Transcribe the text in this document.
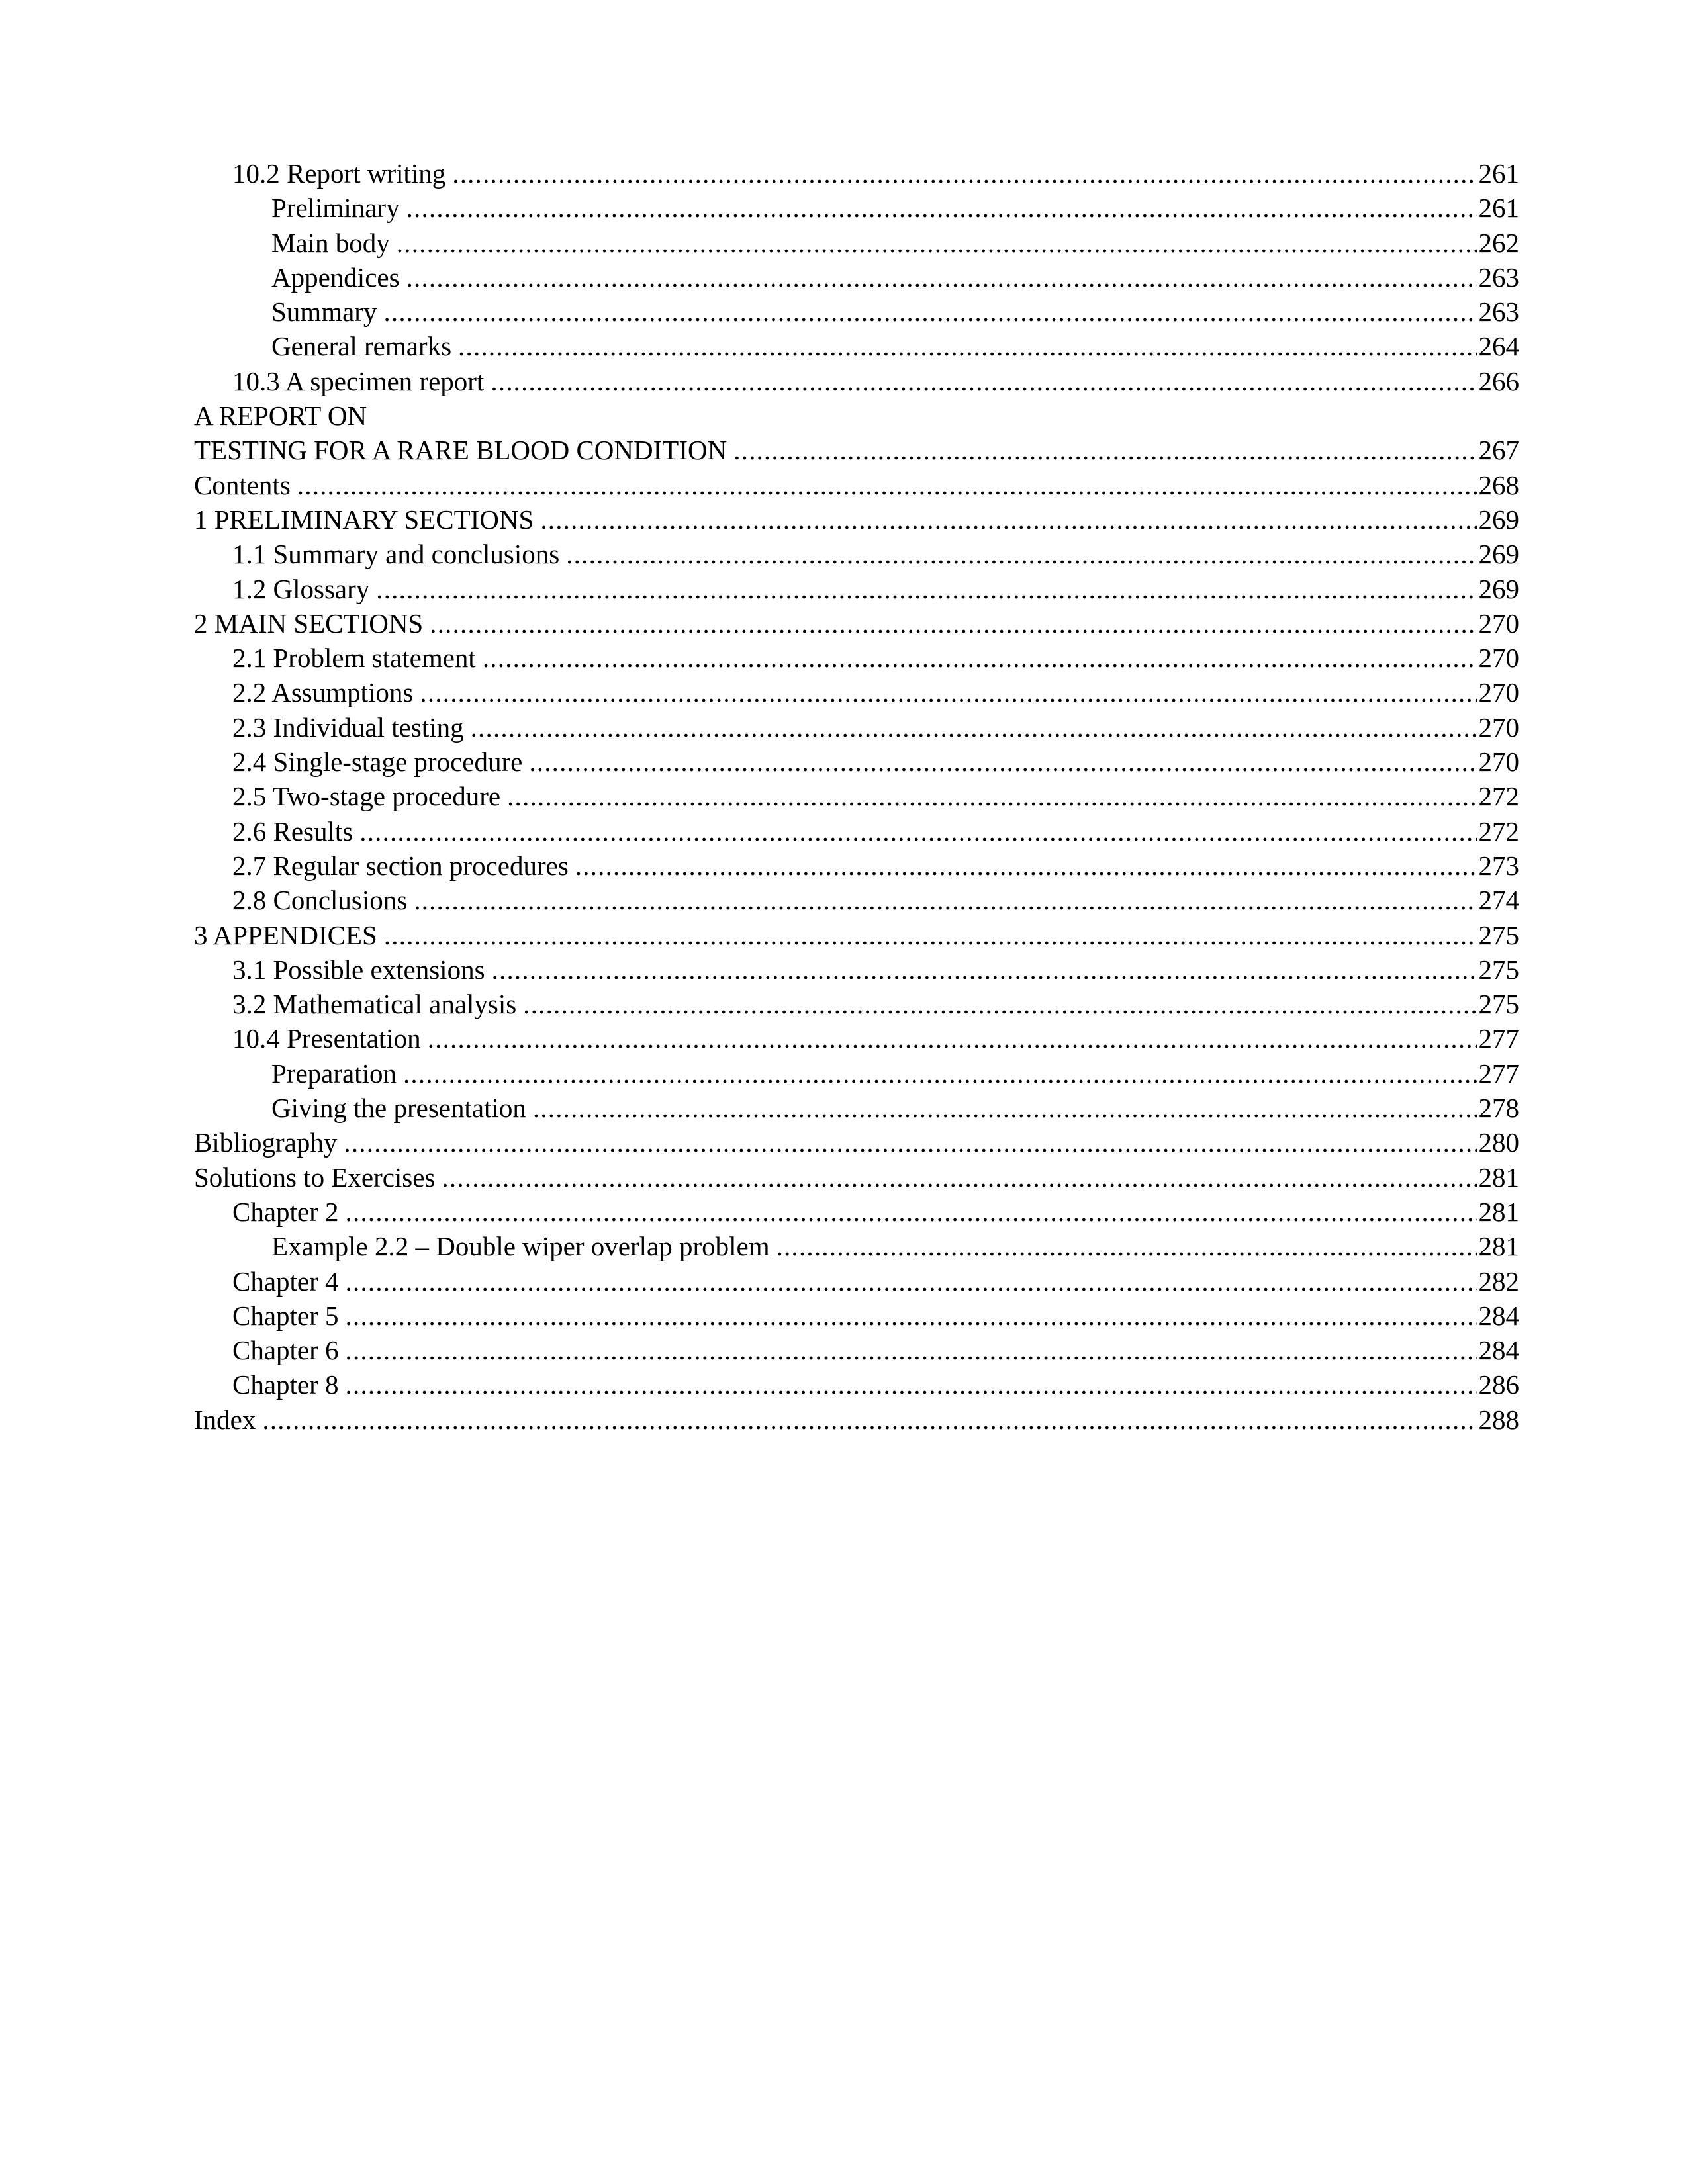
10.2 Report writing .....	261
Preliminary .....	261
Main body .....	262
Appendices .....	263
Summary .....	263
General remarks .....	264
10.3 A specimen report .....	266
A REPORT ON
TESTING FOR A RARE BLOOD CONDITION .....	267
Contents .....	268
1 PRELIMINARY SECTIONS .....	269
1.1 Summary and conclusions .....	269
1.2 Glossary .....	269
2 MAIN SECTIONS .....	270
2.1 Problem statement .....	270
2.2 Assumptions .....	270
2.3 Individual testing .....	270
2.4 Single-stage procedure .....	270
2.5 Two-stage procedure .....	272
2.6 Results .....	272
2.7 Regular section procedures .....	273
2.8 Conclusions .....	274
3 APPENDICES .....	275
3.1 Possible extensions .....	275
3.2 Mathematical analysis .....	275
10.4 Presentation .....	277
Preparation .....	277
Giving the presentation .....	278
Bibliography .....	280
Solutions to Exercises .....	281
Chapter 2 .....	281
Example 2.2 – Double wiper overlap problem .....	281
Chapter 4 .....	282
Chapter 5 .....	284
Chapter 6 .....	284
Chapter 8 .....	286
Index .....	288
